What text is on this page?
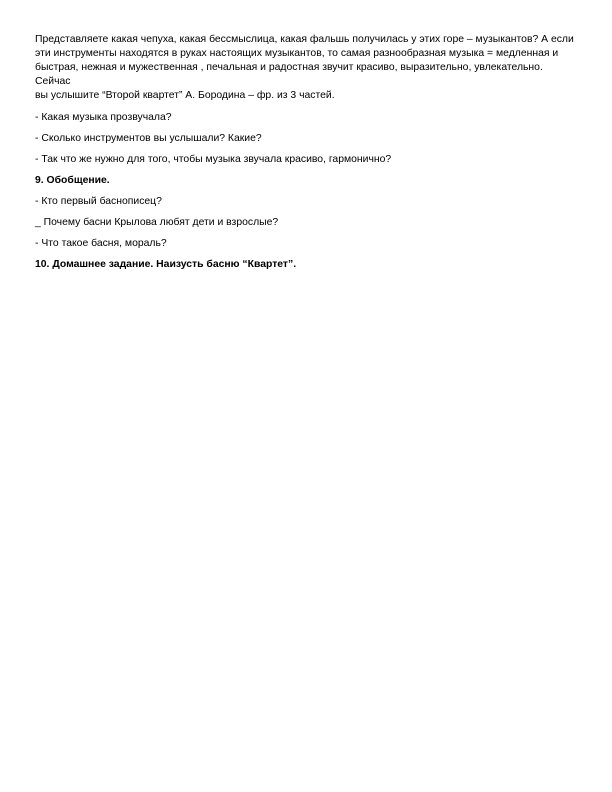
Представляете какая чепуха, какая бессмыслица, какая фальшь получилась у этих горе – музыкантов? А если
эти инструменты находятся в руках настоящих музыкантов, то самая разнообразная музыка = медленная и
быстрая, нежная и мужественная , печальная и радостная звучит красиво, выразительно, увлекательно. Сейчас
вы услышите “Второй квартет” А. Бородина – фр. из 3 частей.
- Какая музыка прозвучала?
- Сколько инструментов вы услышали? Какие?
- Так что же нужно для того, чтобы музыка звучала красиво, гармонично?
9. Обобщение.
- Кто первый баснописец?
_ Почему басни Крылова любят дети и взрослые?
- Что такое басня, мораль?
10. Домашнее задание. Наизусть басню “Квартет”.
